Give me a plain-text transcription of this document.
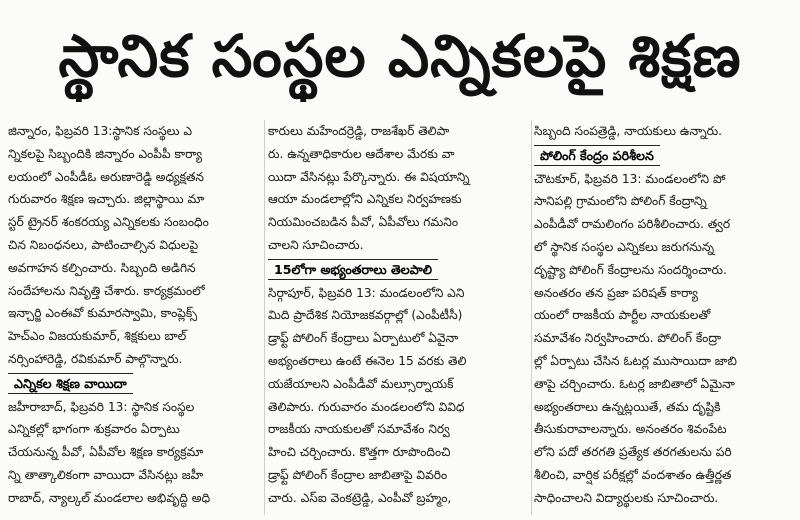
స్థానిక సంస్థల ఎన్నికలపై శిక్షణ
జిన్నారం, ఫిబ్రవరి 13:స్థానిక సంస్థలు ఎ
న్నికలపై సిబ్బందికి జిన్నారం ఎంపీపీ కార్యా
లయంలో ఎంపీడీఓ అరుణారెడ్డి అధ్యక్షతన
గురువారం శిక్షణ ఇచ్చారు. జిల్లాస్థాయి మా
స్టర్ ట్రైనర్ శంకరయ్య ఎన్నికలకు సంబంధిం
చిన నిబంధనలు, పాటించాల్సిన విధులపై
అవగాహన కల్పించారు. సిబ్బంది అడిగిన
సందేహాలను నివృత్తి చేశారు. కార్యక్రమంలో
ఇన్చార్జి ఎంఈవో కుమారస్వామి, కాంప్లెక్స్
హెచ్ఎం విజయకుమార్, శిక్షకులు బాల్
నర్సింహారెడ్డి, రవికుమార్ పాల్గొన్నారు.
ఎన్నికల శిక్షణ వాయిదా
జహీరాబాద్, ఫిబ్రవరి 13: స్థానిక సంస్థల
ఎన్నికల్లో భాగంగా శుక్రవారం ఏర్పాటు
చేయనున్న పీవో, ఏపీవోల శిక్షణ కార్యక్రమా
న్ని తాత్కాలికంగా వాయిదా వేసినట్లు జహీ
రాబాద్, న్యాల్కల్ మండలాల అభివృద్ధి అధి
కారులు మహేందర్రెడ్డి, రాజశేఖర్ తెలిపా
రు. ఉన్నతాధికారుల ఆదేశాల మేరకు వా
యిదా వేసినట్లు పేర్కొన్నారు. ఈ విషయాన్ని
ఆయా మండలాల్లోని ఎన్నికల నిర్వహణకు
నియమించబడిన పీవో, ఏపీవోలు గమనిం
చాలని సూచించారు.
15లోగా అభ్యంతరాలు తెలపాలి
సిర్గాపూర్, ఫిబ్రవరి 13: మండలంలోని ఎని
మిది ప్రాదేశిక నియోజకవర్గాల్లో (ఎంపీటీసీ)
డ్రాఫ్ట్ పోలింగ్ కేంద్రాలు ఏర్పాటులో ఏవైనా
అభ్యంతరాలు ఉంటే ఈనెల 15 వరకు తెలి
యజేయాలని ఎంపీడీవో మల్సూర్నాయక్
తెలిపారు. గురువారం మండలంలోని వివిధ
రాజకీయ నాయకులతో సమావేశం నిర్వ
హించి చర్చించారు. కొత్తగా రూపొందించి
డ్రాఫ్ట్ పోలింగ్ కేంద్రాల జాబితాపై వివరిం
చారు. ఎస్ఐ వెంకట్రెడ్డి, ఎంపీవో బ్రహ్మం,
సిబ్బంది సంపత్రెడ్డి, నాయకులు ఉన్నారు.
పోలింగ్ కేంద్రం పరిశీలన
చౌటకూర్, ఫిబ్రవరి 13: మండలంలోని పో
సానిపల్లి గ్రామంలోని పోలింగ్ కేంద్రాన్ని
ఎంపీడీవో రామలింగం పరిశీలించారు. త్వర
లో స్థానిక సంస్థల ఎన్నికలు జరుగనున్న
దృష్ట్యా పోలింగ్ కేంద్రాలను సందర్శించారు.
అనంతరం తన ప్రజా పరిషత్ కార్యా
యంలో రాజకీయ పార్టీల నాయకులతో
సమావేశం నిర్వహించారు. పోలింగ్ కేంద్రా
ల్లో ఏర్పాటు చేసిన ఓటర్ల ముసాయిదా జాబి
తాపై చర్చించారు. ఓటర్ల జాబితాలో ఏమైనా
అభ్యంతరాలు ఉన్నట్లయితే, తమ దృష్టికి
తీసుకురావాలన్నారు. అనంతరం శివంపేట
లోని పదో తరగతి ప్రత్యేక తరగతులను పరి
శీలించి, వార్షిక పరీక్షల్లో వందశాతం ఉత్తీర్ణత
సాధించాలని విద్యార్థులకు సూచించారు.
